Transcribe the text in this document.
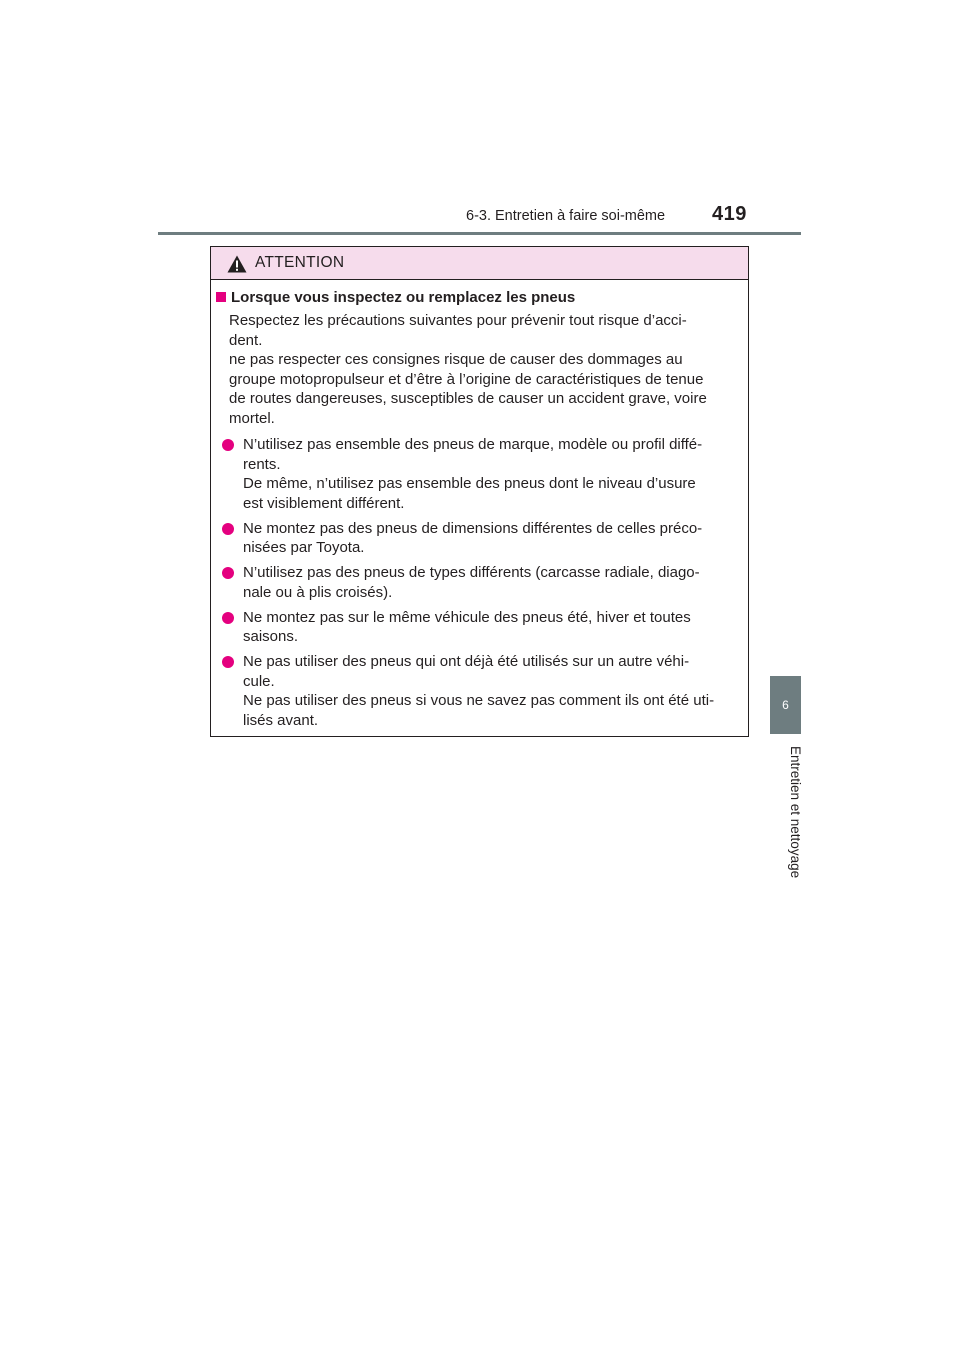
6-3. Entretien à faire soi-même 419
6
Entretien et nettoyage
ATTENTION
Lorsque vous inspectez ou remplacez les pneus
Respectez les précautions suivantes pour prévenir tout risque d’acci-
dent.
ne pas respecter ces consignes risque de causer des dommages au
groupe motopropulseur et d’être à l’origine de caractéristiques de tenue
de routes dangereuses, susceptibles de causer un accident grave, voire
mortel.
N’utilisez pas ensemble des pneus de marque, modèle ou profil diffé-
rents.
De même, n’utilisez pas ensemble des pneus dont le niveau d’usure
est visiblement différent.
Ne montez pas des pneus de dimensions différentes de celles préco-
nisées par Toyota.
N’utilisez pas des pneus de types différents (carcasse radiale, diago-
nale ou à plis croisés).
Ne montez pas sur le même véhicule des pneus été, hiver et toutes
saisons.
Ne pas utiliser des pneus qui ont déjà été utilisés sur un autre véhi-
cule.
Ne pas utiliser des pneus si vous ne savez pas comment ils ont été uti-
lisés avant.
